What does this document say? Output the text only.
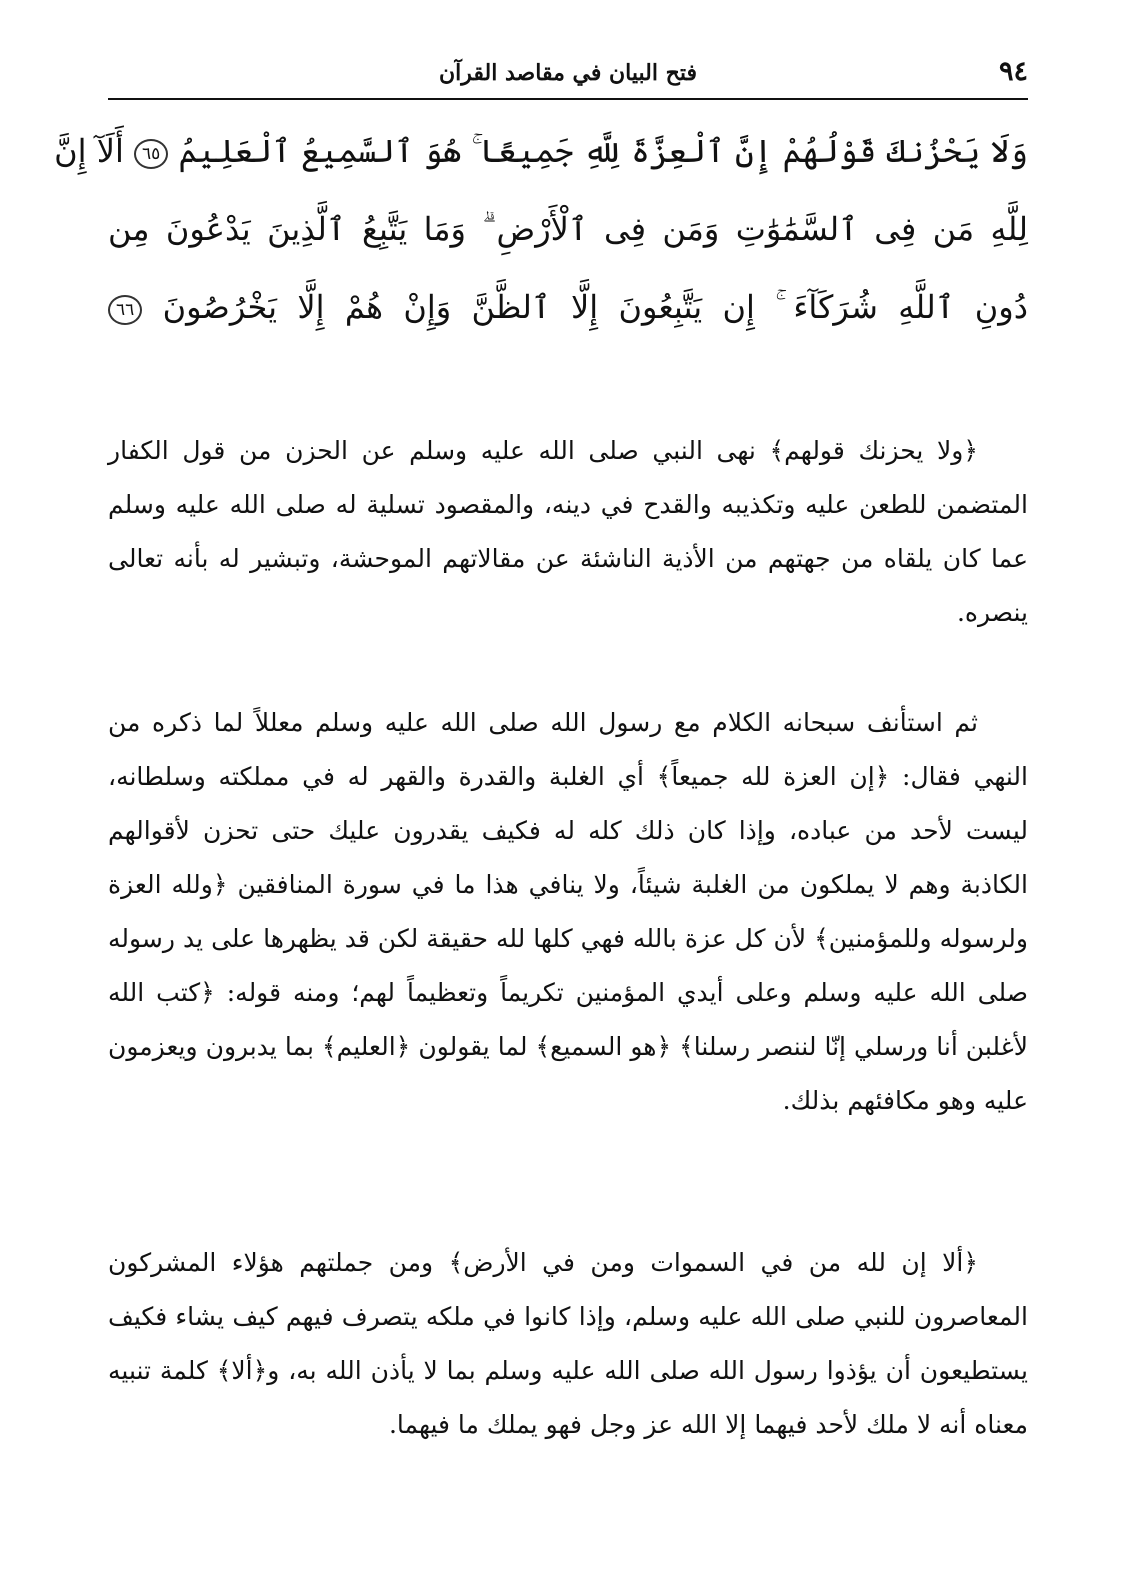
٩٤
فتح البيان في مقاصد القرآن
وَلَا يَحْزُنكَ قَوْلُهُمْ إِنَّ ٱلْعِزَّةَ لِلَّهِ جَمِيعًا ۚ هُوَ ٱلسَّمِيعُ ٱلْعَلِيمُ ٦٥ أَلَآ إِنَّ
لِلَّهِ مَن فِى ٱلسَّمَٰوَٰتِ وَمَن فِى ٱلْأَرْضِ ۗ وَمَا يَتَّبِعُ ٱلَّذِينَ يَدْعُونَ مِن
دُونِ ٱللَّهِ شُرَكَآءَ ۚ إِن يَتَّبِعُونَ إِلَّا ٱلظَّنَّ وَإِنْ هُمْ إِلَّا يَخْرُصُونَ ٦٦

﴿ولا يحزنك قولهم﴾ نهى النبي صلى الله عليه وسلم عن الحزن من قول الكفار المتضمن للطعن عليه وتكذيبه والقدح في دينه، والمقصود تسلية له صلى الله عليه وسلم عما كان يلقاه من جهتهم من الأذية الناشئة عن مقالاتهم الموحشة، وتبشير له بأنه تعالى ينصره.

ثم استأنف سبحانه الكلام مع رسول الله صلى الله عليه وسلم معللاً لما ذكره من النهي فقال: ﴿إن العزة لله جميعاً﴾ أي الغلبة والقدرة والقهر له في مملكته وسلطانه، ليست لأحد من عباده، وإذا كان ذلك كله له فكيف يقدرون عليك حتى تحزن لأقوالهم الكاذبة وهم لا يملكون من الغلبة شيئاً، ولا ينافي هذا ما في سورة المنافقين ﴿ولله العزة ولرسوله وللمؤمنين﴾ لأن كل عزة بالله فهي كلها لله حقيقة لكن قد يظهرها على يد رسوله صلى الله عليه وسلم وعلى أيدي المؤمنين تكريماً وتعظيماً لهم؛ ومنه قوله: ﴿كتب الله لأغلبن أنا ورسلي إنّا لننصر رسلنا﴾ ﴿هو السميع﴾ لما يقولون ﴿العليم﴾ بما يدبرون ويعزمون عليه وهو مكافئهم بذلك.

﴿ألا إن لله من في السموات ومن في الأرض﴾ ومن جملتهم هؤلاء المشركون المعاصرون للنبي صلى الله عليه وسلم، وإذا كانوا في ملكه يتصرف فيهم كيف يشاء فكيف يستطيعون أن يؤذوا رسول الله صلى الله عليه وسلم بما لا يأذن الله به، و﴿ألا﴾ كلمة تنبيه معناه أنه لا ملك لأحد فيهما إلا الله عز وجل فهو يملك ما فيهما.
